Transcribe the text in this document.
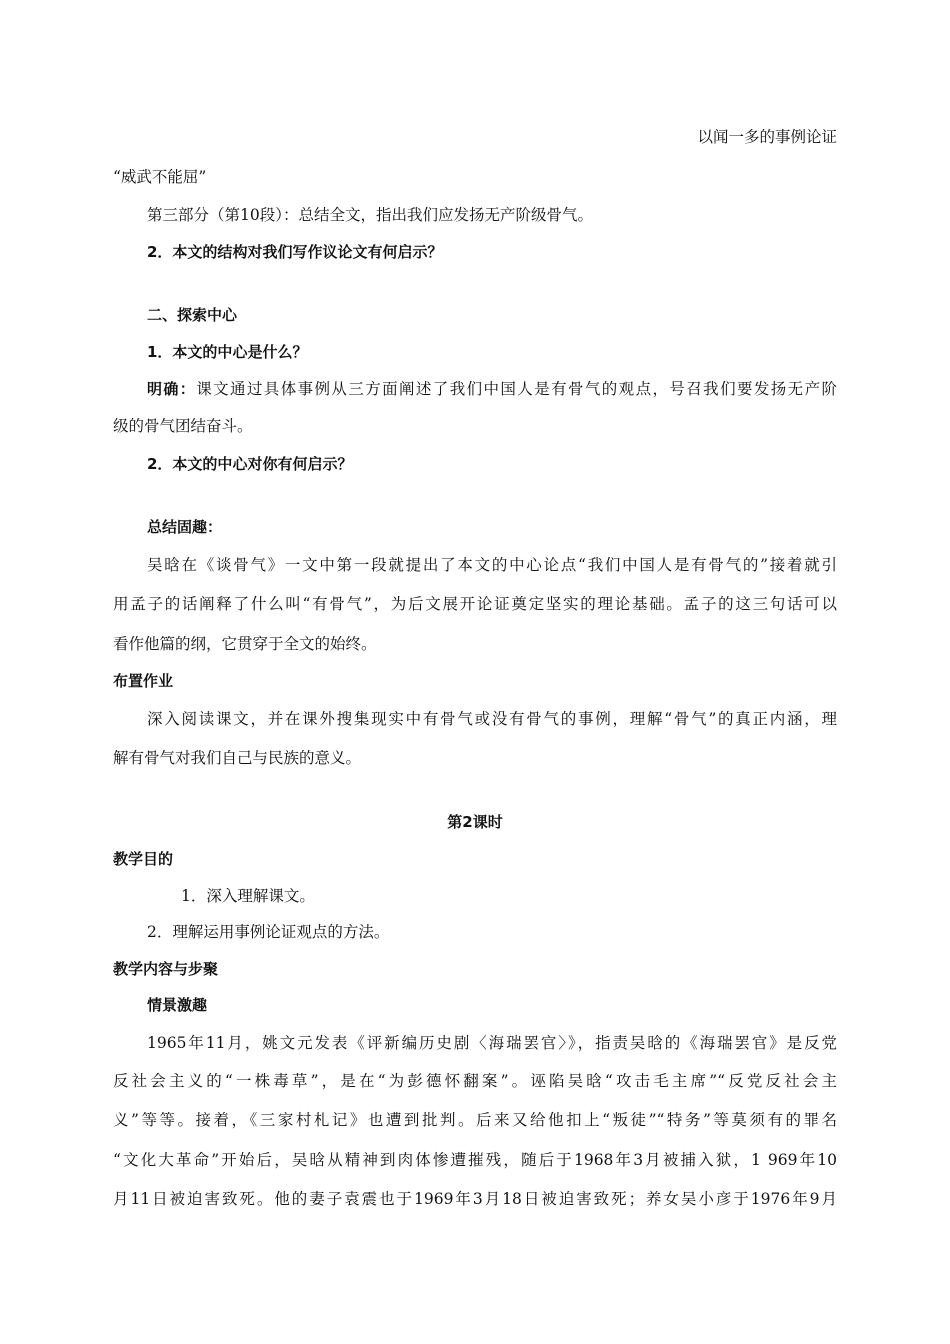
以闻一多的事例论证
“威武不能屈”
第三部分（第10段）：总结全文，指出我们应发扬无产阶级骨气。
2．本文的结构对我们写作议论文有何启示？
二、探索中心
1．本文的中心是什么？
明确：课文通过具体事例从三方面阐述了我们中国人是有骨气的观点，号召我们要发扬无产阶
级的骨气团结奋斗。
2．本文的中心对你有何启示？
总结固趣：
吴晗在《谈骨气》一文中第一段就提出了本文的中心论点“我们中国人是有骨气的”接着就引
用孟子的话阐释了什么叫“有骨气”，为后文展开论证奠定坚实的理论基础。孟子的这三句话可以
看作他篇的纲，它贯穿于全文的始终。
布置作业
深入阅读课文，并在课外搜集现实中有骨气或没有骨气的事例，理解“骨气”的真正内涵，理
解有骨气对我们自己与民族的意义。
第2课时
教学目的
1．深入理解课文。
2．理解运用事例论证观点的方法。
教学内容与步聚
情景激趣
1965年11月，姚文元发表《评新编历史剧〈海瑞罢官〉》，指责吴晗的《海瑞罢官》是反党
反社会主义的“一株毒草”，是在“为彭德怀翻案”。诬陷吴晗“攻击毛主席”“反党反社会主
义”等等。接着，《三家村札记》也遭到批判。后来又给他扣上“叛徒”“特务”等莫须有的罪名
“文化大革命”开始后，吴晗从精神到肉体惨遭摧残，随后于1968年3月被捕入狱，1 969年10
月11日被迫害致死。他的妻子袁震也于1969年3月18日被迫害致死；养女吴小彦于1976年9月
